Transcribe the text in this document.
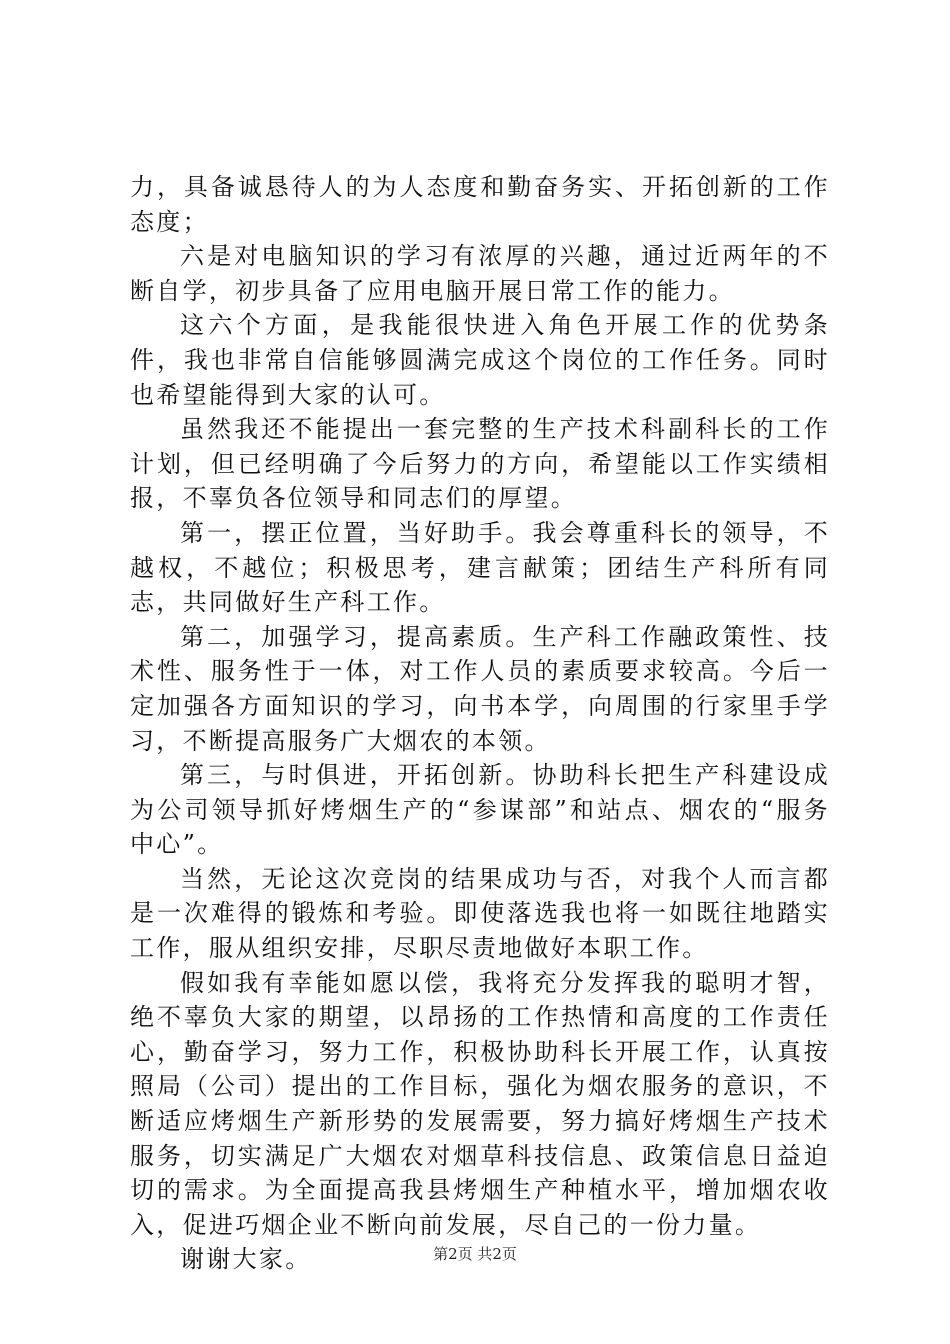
力，具备诚恳待人的为人态度和勤奋务实、开拓创新的工作态度；

六是对电脑知识的学习有浓厚的兴趣，通过近两年的不断自学，初步具备了应用电脑开展日常工作的能力。

这六个方面，是我能很快进入角色开展工作的优势条件，我也非常自信能够圆满完成这个岗位的工作任务。同时也希望能得到大家的认可。

虽然我还不能提出一套完整的生产技术科副科长的工作计划，但已经明确了今后努力的方向，希望能以工作实绩相报，不辜负各位领导和同志们的厚望。

第一，摆正位置，当好助手。我会尊重科长的领导，不越权，不越位；积极思考，建言献策；团结生产科所有同志，共同做好生产科工作。

第二，加强学习，提高素质。生产科工作融政策性、技术性、服务性于一体，对工作人员的素质要求较高。今后一定加强各方面知识的学习，向书本学，向周围的行家里手学习，不断提高服务广大烟农的本领。

第三，与时俱进，开拓创新。协助科长把生产科建设成为公司领导抓好烤烟生产的“参谋部”和站点、烟农的“服务中心”。

当然，无论这次竞岗的结果成功与否，对我个人而言都是一次难得的锻炼和考验。即使落选我也将一如既往地踏实工作，服从组织安排，尽职尽责地做好本职工作。

假如我有幸能如愿以偿，我将充分发挥我的聪明才智，绝不辜负大家的期望，以昂扬的工作热情和高度的工作责任心，勤奋学习，努力工作，积极协助科长开展工作，认真按照局（公司）提出的工作目标，强化为烟农服务的意识，不断适应烤烟生产新形势的发展需要，努力搞好烤烟生产技术服务，切实满足广大烟农对烟草科技信息、政策信息日益迫切的需求。为全面提高我县烤烟生产种植水平，增加烟农收入，促进巧烟企业不断向前发展，尽自己的一份力量。

谢谢大家。	第2页 共2页
